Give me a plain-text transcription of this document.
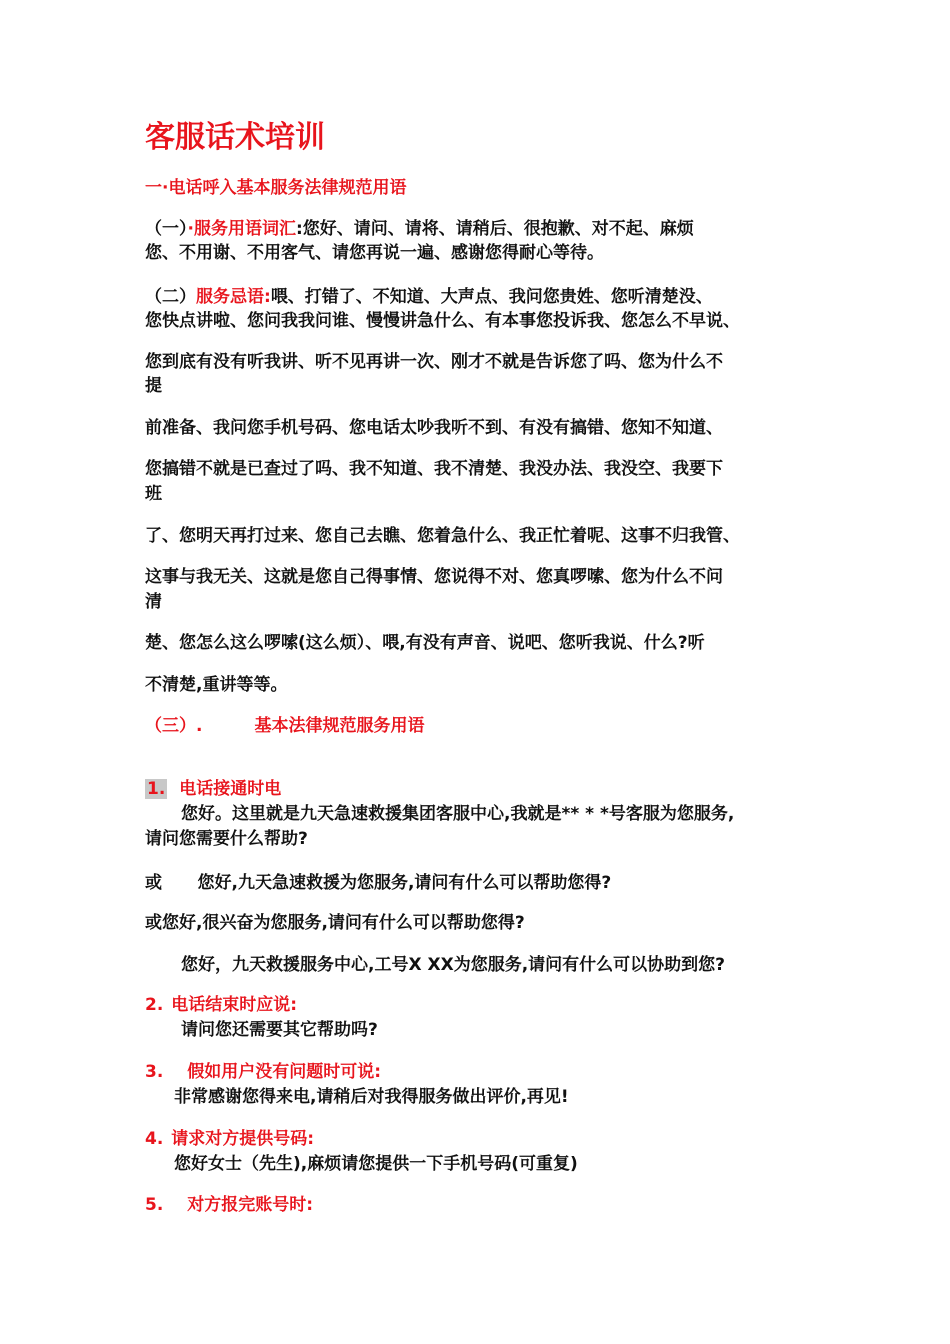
客服话术培训

一·电话呼入基本服务法律规范用语

（一）·服务用语词汇:您好、请问、请将、请稍后、很抱歉、对不起、麻烦

您、不用谢、不用客气、请您再说一遍、感谢您得耐心等待。

（二）服务忌语:喂、打错了、不知道、大声点、我问您贵姓、您听清楚没、

您快点讲啦、您问我我问谁、慢慢讲急什么、有本事您投诉我、您怎么不早说、

您到底有没有听我讲、听不见再讲一次、刚才不就是告诉您了吗、您为什么不

提

前准备、我问您手机号码、您电话太吵我听不到、有没有搞错、您知不知道、

您搞错不就是已查过了吗、我不知道、我不清楚、我没办法、我没空、我要下

班

了、您明天再打过来、您自己去瞧、您着急什么、我正忙着呢、这事不归我管、

这事与我无关、这就是您自己得事情、您说得不对、您真啰嗦、您为什么不问

清

楚、您怎么这么啰嗦(这么烦）、喂,有没有声音、说吧、您听我说、什么?听

不清楚,重讲等等。

（三）.	基本法律规范服务用语

1. 电话接通时电

您好。这里就是九天急速救援集团客服中心,我就是** * *号客服为您服务,

请问您需要什么帮助?

或      您好,九天急速救援为您服务,请问有什么可以帮助您得?

或您好,很兴奋为您服务,请问有什么可以帮助您得?

您好，九天救援服务中心,工号X XX为您服务,请问有什么可以协助到您?

2. 电话结束时应说:

请问您还需要其它帮助吗?

3. 假如用户没有问题时可说:

非常感谢您得来电,请稍后对我得服务做出评价,再见!

4. 请求对方提供号码:

您好女士（先生),麻烦请您提供一下手机号码(可重复)

5. 对方报完账号时:
